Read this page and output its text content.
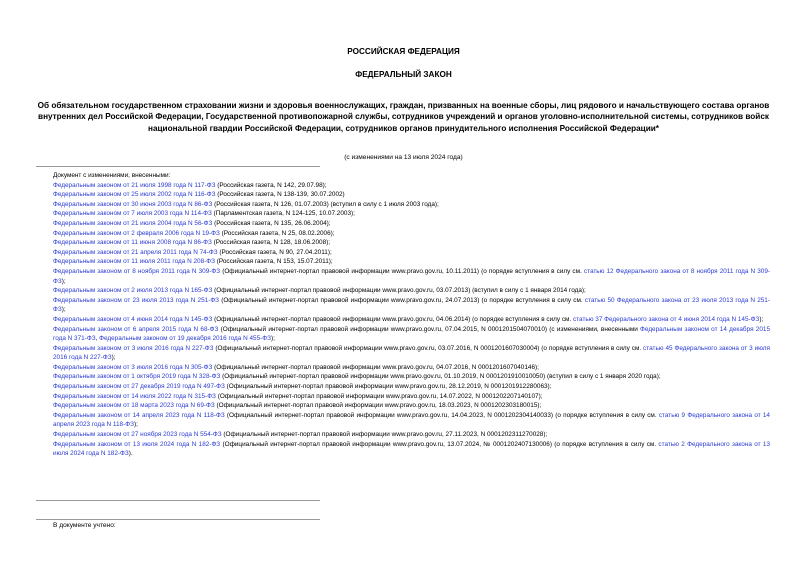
РОССИЙСКАЯ ФЕДЕРАЦИЯ
ФЕДЕРАЛЬНЫЙ ЗАКОН
Об обязательном государственном страховании жизни и здоровья военнослужащих, граждан, призванных на военные сборы, лиц рядового и начальствующего состава органов внутренних дел Российской Федерации, Государственной противопожарной службы, сотрудников учреждений и органов уголовно-исполнительной системы, сотрудников войск национальной гвардии Российской Федерации, сотрудников органов принудительного исполнения Российской Федерации*
(с изменениями на 13 июля 2024 года)
Документ с изменениями, внесенными:
Федеральным законом от 21 июля 1998 года N 117-ФЗ (Российская газета, N 142, 29.07.98);
Федеральным законом от 25 июля 2002 года N 116-ФЗ (Российская газета, N 138-139, 30.07.2002)
Федеральным законом от 30 июня 2003 года N 86-ФЗ (Российская газета, N 126, 01.07.2003) (вступил в силу с 1 июля 2003 года);
Федеральным законом от 7 июля 2003 года N 114-ФЗ (Парламентская газета, N 124-125, 10.07.2003);
Федеральным законом от 21 июля 2004 года N 56-ФЗ (Российская газета, N 135, 26.06.2004);
Федеральным законом от 2 февраля 2006 года N 19-ФЗ (Российская газета, N 25, 08.02.2006);
Федеральным законом от 11 июня 2008 года N 86-ФЗ (Российская газета, N 128, 18.06.2008);
Федеральным законом от 21 апреля 2011 года N 74-ФЗ (Российская газета, N 90, 27.04.2011);
Федеральным законом от 11 июля 2011 года N 208-ФЗ (Российская газета, N 153, 15.07.2011);
Федеральным законом от 8 ноября 2011 года N 309-ФЗ (Официальный интернет-портал правовой информации www.pravo.gov.ru, 10.11.2011) (о порядке вступления в силу см. статью 12 Федерального закона от 8 ноября 2011 года N 309-ФЗ);
Федеральным законом от 2 июля 2013 года N 165-ФЗ (Официальный интернет-портал правовой информации www.pravo.gov.ru, 03.07.2013) (вступил в силу с 1 января 2014 года);
Федеральным законом от 23 июля 2013 года N 251-ФЗ (Официальный интернет-портал правовой информации www.pravo.gov.ru, 24.07.2013) (о порядке вступления в силу см. статью 50 Федерального закона от 23 июля 2013 года N 251-ФЗ);
Федеральным законом от 4 июня 2014 года N 145-ФЗ (Официальный интернет-портал правовой информации www.pravo.gov.ru, 04.06.2014) (о порядке вступления в силу см. статью 37 Федерального закона от 4 июня 2014 года N 145-ФЗ);
Федеральным законом от 6 апреля 2015 года N 68-ФЗ (Официальный интернет-портал правовой информации www.pravo.gov.ru, 07.04.2015, N 0001201504070010) (с изменениями, внесенными Федеральным законом от 14 декабря 2015 года N 371-ФЗ, Федеральным законом от 19 декабря 2016 года N 455-ФЗ);
Федеральным законом от 3 июля 2016 года N 227-ФЗ (Официальный интернет-портал правовой информации www.pravo.gov.ru, 03.07.2016, N 0001201607030004) (о порядке вступления в силу см. статью 45 Федерального закона от 3 июля 2016 года N 227-ФЗ);
Федеральным законом от 3 июля 2016 года N 305-ФЗ (Официальный интернет-портал правовой информации www.pravo.gov.ru, 04.07.2016, N 0001201607040146);
Федеральным законом от 1 октября 2019 года N 328-ФЗ (Официальный интернет-портал правовой информации www.pravo.gov.ru, 01.10.2019, N 0001201910010050) (вступил в силу с 1 января 2020 года);
Федеральным законом от 27 декабря 2019 года N 497-ФЗ (Официальный интернет-портал правовой информации www.pravo.gov.ru, 28.12.2019, N 0001201912280063);
Федеральным законом от 14 июля 2022 года N 315-ФЗ (Официальный интернет-портал правовой информации www.pravo.gov.ru, 14.07.2022, N 0001202207140107);
Федеральным законом от 18 марта 2023 года N 69-ФЗ (Официальный интернет-портал правовой информации www.pravo.gov.ru, 18.03.2023, N 0001202303180015);
Федеральным законом от 14 апреля 2023 года N 118-ФЗ (Официальный интернет-портал правовой информации www.pravo.gov.ru, 14.04.2023, N 0001202304140033) (о порядке вступления в силу см. статью 9 Федерального закона от 14 апреля 2023 года N 118-ФЗ);
Федеральным законом от 27 ноября 2023 года N 554-ФЗ (Официальный интернет-портал правовой информации www.pravo.gov.ru, 27.11.2023, N 0001202311270028);
Федеральным законом от 13 июля 2024 года N 182-ФЗ (Официальный интернет-портал правовой информации www.pravo.gov.ru, 13.07.2024, № 0001202407130006) (о порядке вступления в силу см. статью 2 Федерального закона от 13 июля 2024 года N 182-ФЗ).
В документе учтено:
